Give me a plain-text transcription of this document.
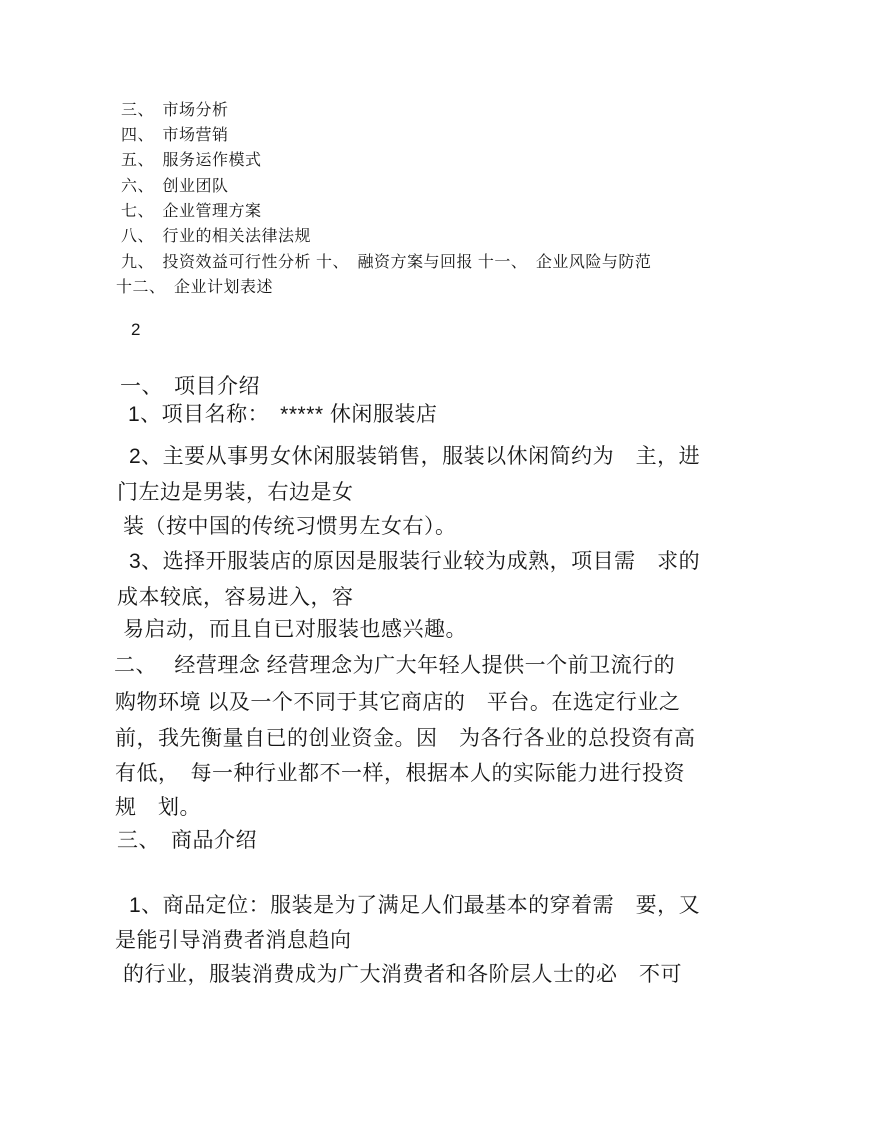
三、　市场分析
四、　市场营销
五、　服务运作模式
六、　创业团队
七、　企业管理方案
八、　行业的相关法律法规
九、　投资效益可行性分析 十、　融资方案与回报 十一、　企业风险与防范
十二、　企业计划表述
2
一、　项目介绍
1、项目名称：　***** 休闲服装店
2、主要从事男女休闲服装销售，服装以休闲简约为　主，进
门左边是男装，右边是女
装（按中国的传统习惯男左女右）。
3、选择开服装店的原因是服装行业较为成熟，项目需　求的
成本较底，容易进入，容
易启动，而且自已对服装也感兴趣。
二、　 经营理念 经营理念为广大年轻人提供一个前卫流行的
购物环境 以及一个不同于其它商店的　平台。在选定行业之
前，我先衡量自已的创业资金。因　为各行各业的总投资有高
有低，　每一种行业都不一样，根据本人的实际能力进行投资
规　划。
三、　商品介绍
1、商品定位：服装是为了满足人们最基本的穿着需　要，又
是能引导消费者消息趋向
的行业，服装消费成为广大消费者和各阶层人士的必　不可
